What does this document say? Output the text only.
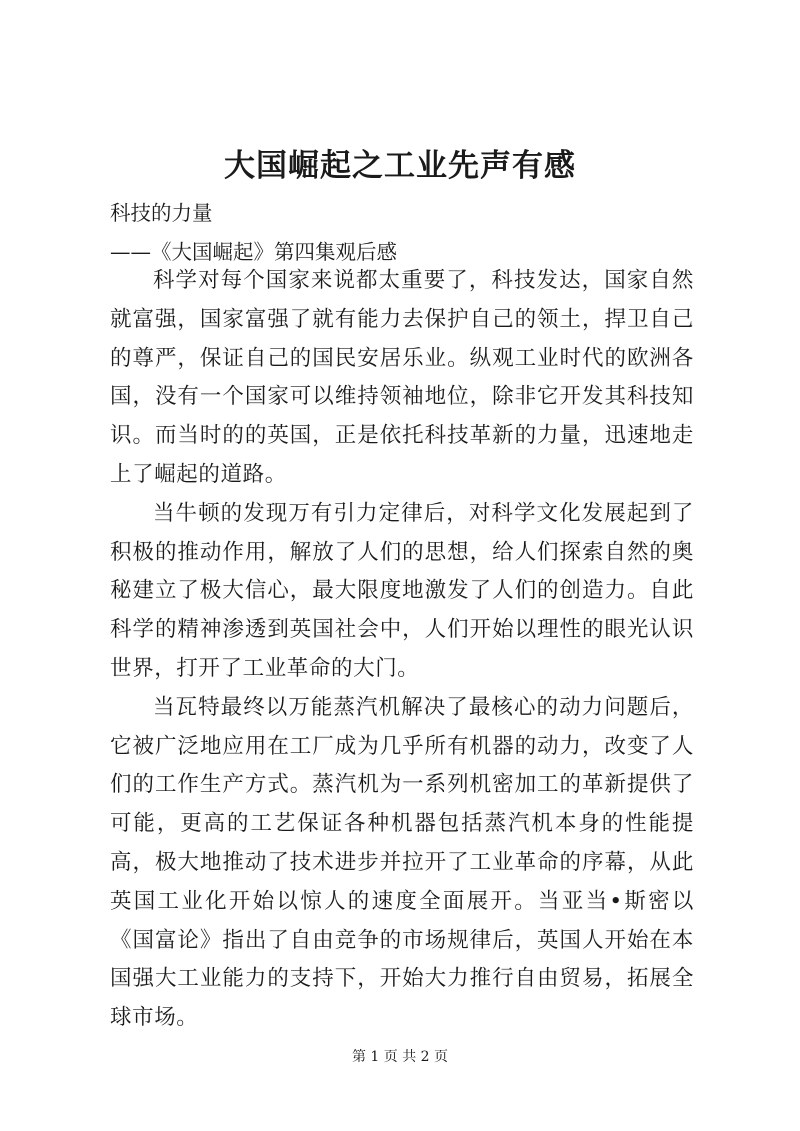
大国崛起之工业先声有感

科技的力量

——《大国崛起》第四集观后感

科学对每个国家来说都太重要了，科技发达，国家自然就富强，国家富强了就有能力去保护自己的领土，捍卫自己的尊严，保证自己的国民安居乐业。纵观工业时代的欧洲各国，没有一个国家可以维持领袖地位，除非它开发其科技知识。而当时的的英国，正是依托科技革新的力量，迅速地走上了崛起的道路。

当牛顿的发现万有引力定律后，对科学文化发展起到了积极的推动作用，解放了人们的思想，给人们探索自然的奥秘建立了极大信心，最大限度地激发了人们的创造力。自此科学的精神渗透到英国社会中，人们开始以理性的眼光认识世界，打开了工业革命的大门。

当瓦特最终以万能蒸汽机解决了最核心的动力问题后，它被广泛地应用在工厂成为几乎所有机器的动力，改变了人们的工作生产方式。蒸汽机为一系列机密加工的革新提供了可能，更高的工艺保证各种机器包括蒸汽机本身的性能提高，极大地推动了技术进步并拉开了工业革命的序幕，从此英国工业化开始以惊人的速度全面展开。当亚当•斯密以《国富论》指出了自由竞争的市场规律后，英国人开始在本国强大工业能力的支持下，开始大力推行自由贸易，拓展全球市场。

第 1 页 共 2 页
